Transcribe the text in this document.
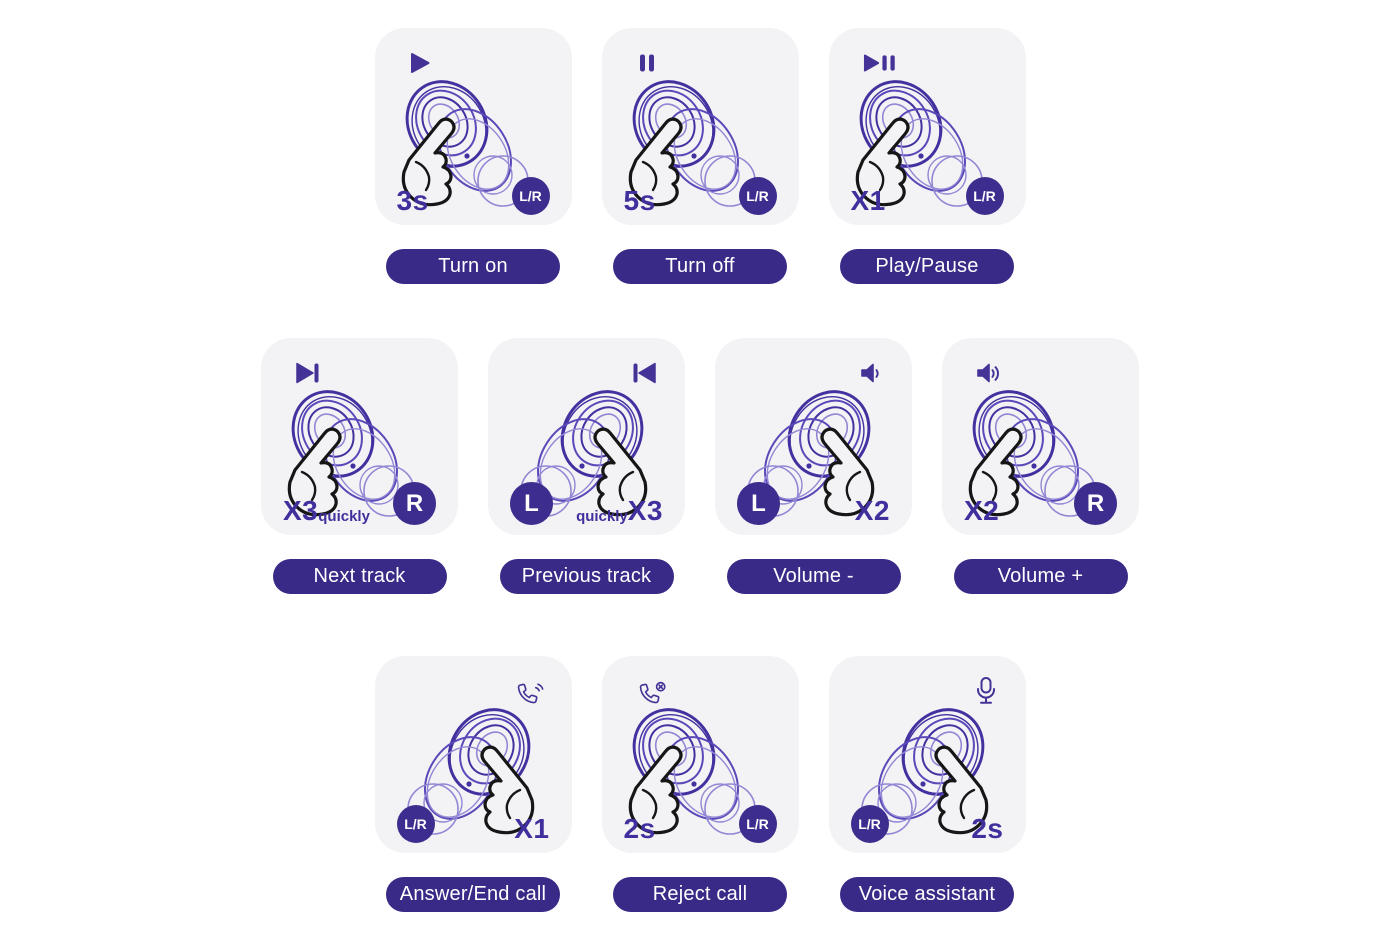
3s	L/R
Turn on
5s	L/R
Turn off
X1	L/R
Play/Pause
X3 quickly	R
Next track
L	quickly X3
Previous track
L	X2
Volume -
X2	R
Volume +
L/R	X1
Answer/End call
2s	L/R
Reject call
L/R	2s
Voice assistant
